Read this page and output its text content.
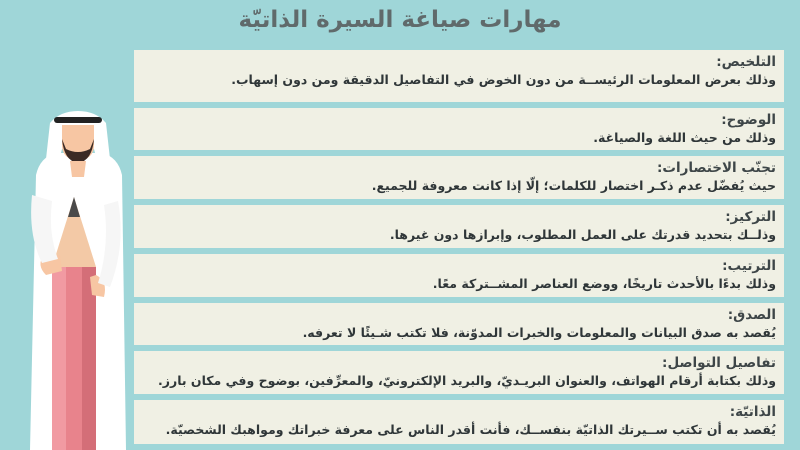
مهارات صياغة السيرة الذاتيّة
التلخيص:
وذلك بعرض المعلومات الرئيســة من دون الخوض في التفاصيل الدقيقة ومن دون إسهاب.
الوضوح:
وذلك من حيث اللغة والصياغة.
تجنّب الاختصارات:
حيث يُفضّل عدم ذكـر اختصار للكلمات؛ إلّا إذا كانت معروفة للجميع.
التركيز:
وذلــك بتحديد قدرتك على العمل المطلوب، وإبرازها دون غيرها.
الترتيب:
وذلك بدءًا بالأحدث تاريخًا، ووضع العناصر المشــتركة معًا.
الصدق:
يُقصد به صدق البيانات والمعلومات والخبرات المدوّنة، فلا تكتب شـيئًا لا تعرفه.
تفاصيل التواصل:
وذلك بكتابة أرقام الهواتف، والعنوان البريـديّ، والبريد الإلكترونيّ، والمعرِّفين، بوضوح وفي مكان بارز.
الذاتيّة:
يُقصد به أن تكتب ســيرتك الذاتيّة بنفســك، فأنت أقدر الناس على معرفة خبراتك ومواهبك الشخصيّة.
